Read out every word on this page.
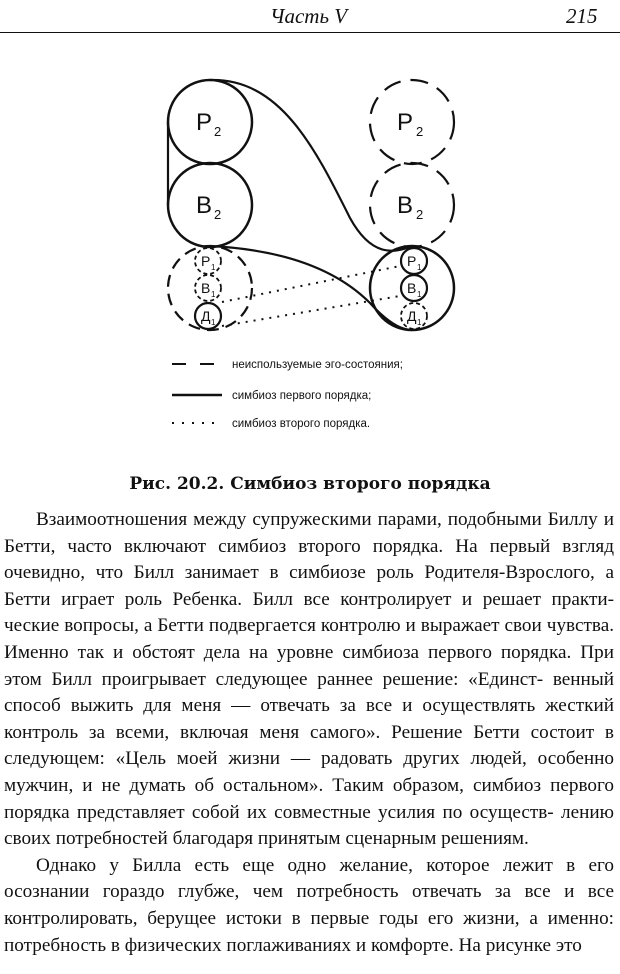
Часть V	215
Р 2
В 2
Р 2
В 2
Р 1
В 1
Д 1
Р 1
В 1
Д 1
неиспользуемые эго-состояния;
симбиоз первого порядка;
симбиоз второго порядка.
Рис. 20.2. Симбиоз второго порядка

Взаимоотношения между супружескими парами, подобными Биллу и Бетти, часто включают симбиоз второго порядка. На первый взгляд очевидно, что Билл занимает в симбиозе роль Родителя-Взрослого, а Бетти играет роль Ребенка. Билл все контролирует и решает практи- ческие вопросы, а Бетти подвергается контролю и выражает свои чувства. Именно так и обстоят дела на уровне симбиоза первого порядка. При этом Билл проигрывает следующее раннее решение: «Единст- венный способ выжить для меня — отвечать за все и осуществлять жесткий контроль за всеми, включая меня самого». Решение Бетти состоит в следующем: «Цель моей жизни — радовать других людей, особенно мужчин, и не думать об остальном». Таким образом, симбиоз первого порядка представляет собой их совместные усилия по осуществ- лению своих потребностей благодаря принятым сценарным решениям.

Однако у Билла есть еще одно желание, которое лежит в его осознании гораздо глубже, чем потребность отвечать за все и все контролировать, берущее истоки в первые годы его жизни, а именно: потребность в физических поглаживаниях и комфорте. На рисунке это
